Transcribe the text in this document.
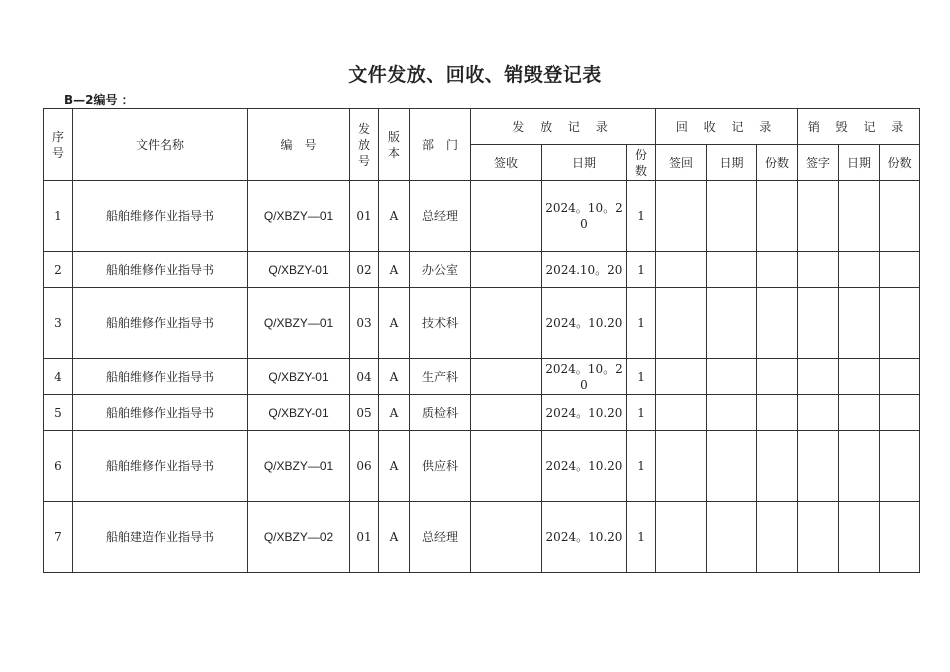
文件发放、回收、销毁登记表
B—2编号 ：
序号	文件名称	编　号	发放号	版本	部　门	发 放 记 录			回 收 记 录			销 毁 记 录		
						签收	日期	份数	签回	日期	份数	签字	日期	份数
1	船舶维修作业指导书	Q/XBZY—01	01	A	总经理		2024。10。20	1						
2	船舶维修作业指导书	Q/XBZY-01	02	A	办公室		2024.10。20	1						
3	船舶维修作业指导书	Q/XBZY—01	03	A	技术科		2024。10.20	1						
4	船舶维修作业指导书	Q/XBZY-01	04	A	生产科		2024。10。20	1						
5	船舶维修作业指导书	Q/XBZY-01	05	A	质检科		2024。10.20	1						
6	船舶维修作业指导书	Q/XBZY—01	06	A	供应科		2024。10.20	1						
7	船舶建造作业指导书	Q/XBZY—02	01	A	总经理		2024。10.20	1						
